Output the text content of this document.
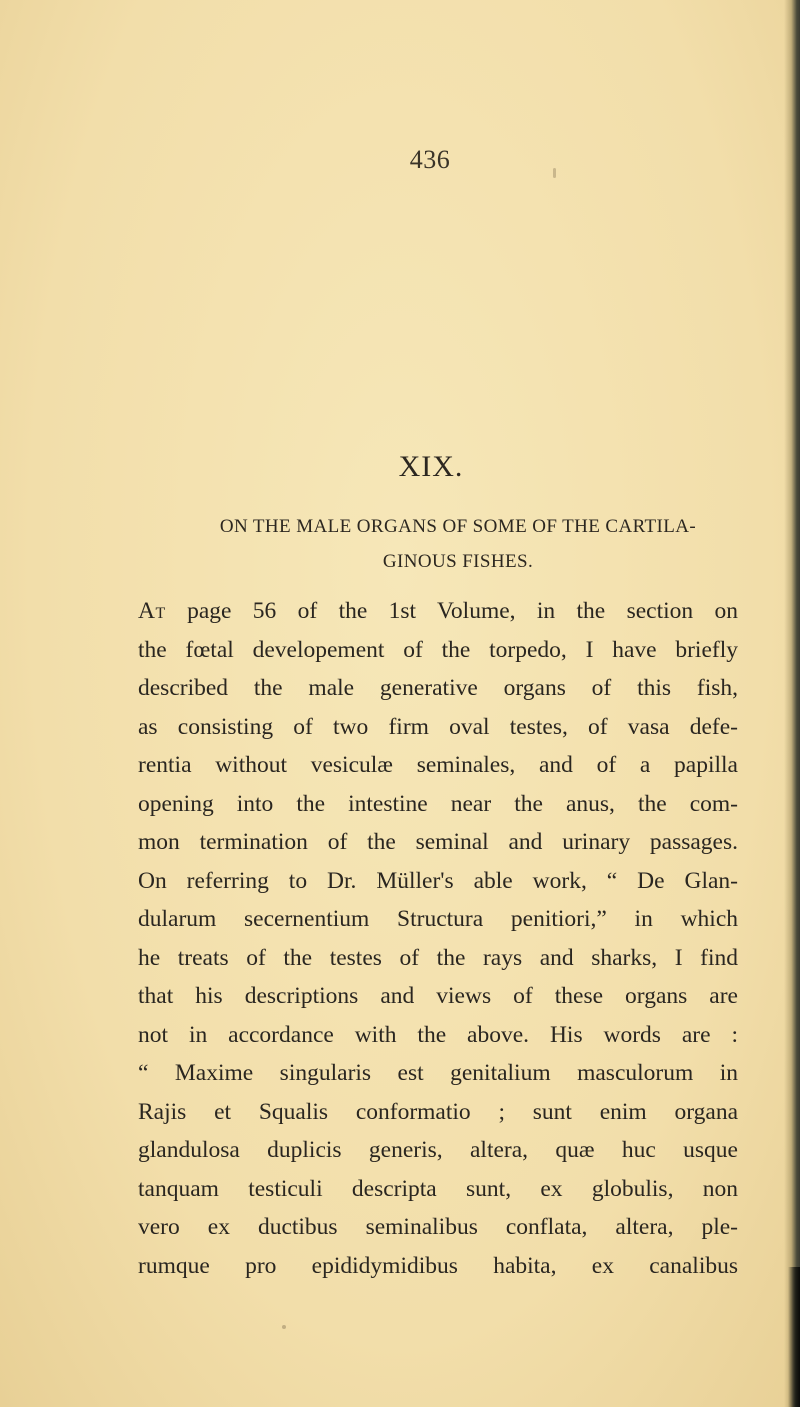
436
XIX.
ON THE MALE ORGANS OF SOME OF THE CARTILA-
GINOUS FISHES.
At page 56 of the 1st Volume, in the section on
the fœtal developement of the torpedo, I have briefly
described the male generative organs of this fish,
as consisting of two firm oval testes, of vasa defe-
rentia without vesiculæ seminales, and of a papilla
opening into the intestine near the anus, the com-
mon termination of the seminal and urinary passages.
On referring to Dr. Müller's able work, “ De Glan-
dularum secernentium Structura penitiori,” in which
he treats of the testes of the rays and sharks, I find
that his descriptions and views of these organs are
not in accordance with the above. His words are :
“ Maxime singularis est genitalium masculorum in
Rajis et Squalis conformatio ; sunt enim organa
glandulosa duplicis generis, altera, quæ huc usque
tanquam testiculi descripta sunt, ex globulis, non
vero ex ductibus seminalibus conflata, altera, ple-
rumque pro epididymidibus habita, ex canalibus
